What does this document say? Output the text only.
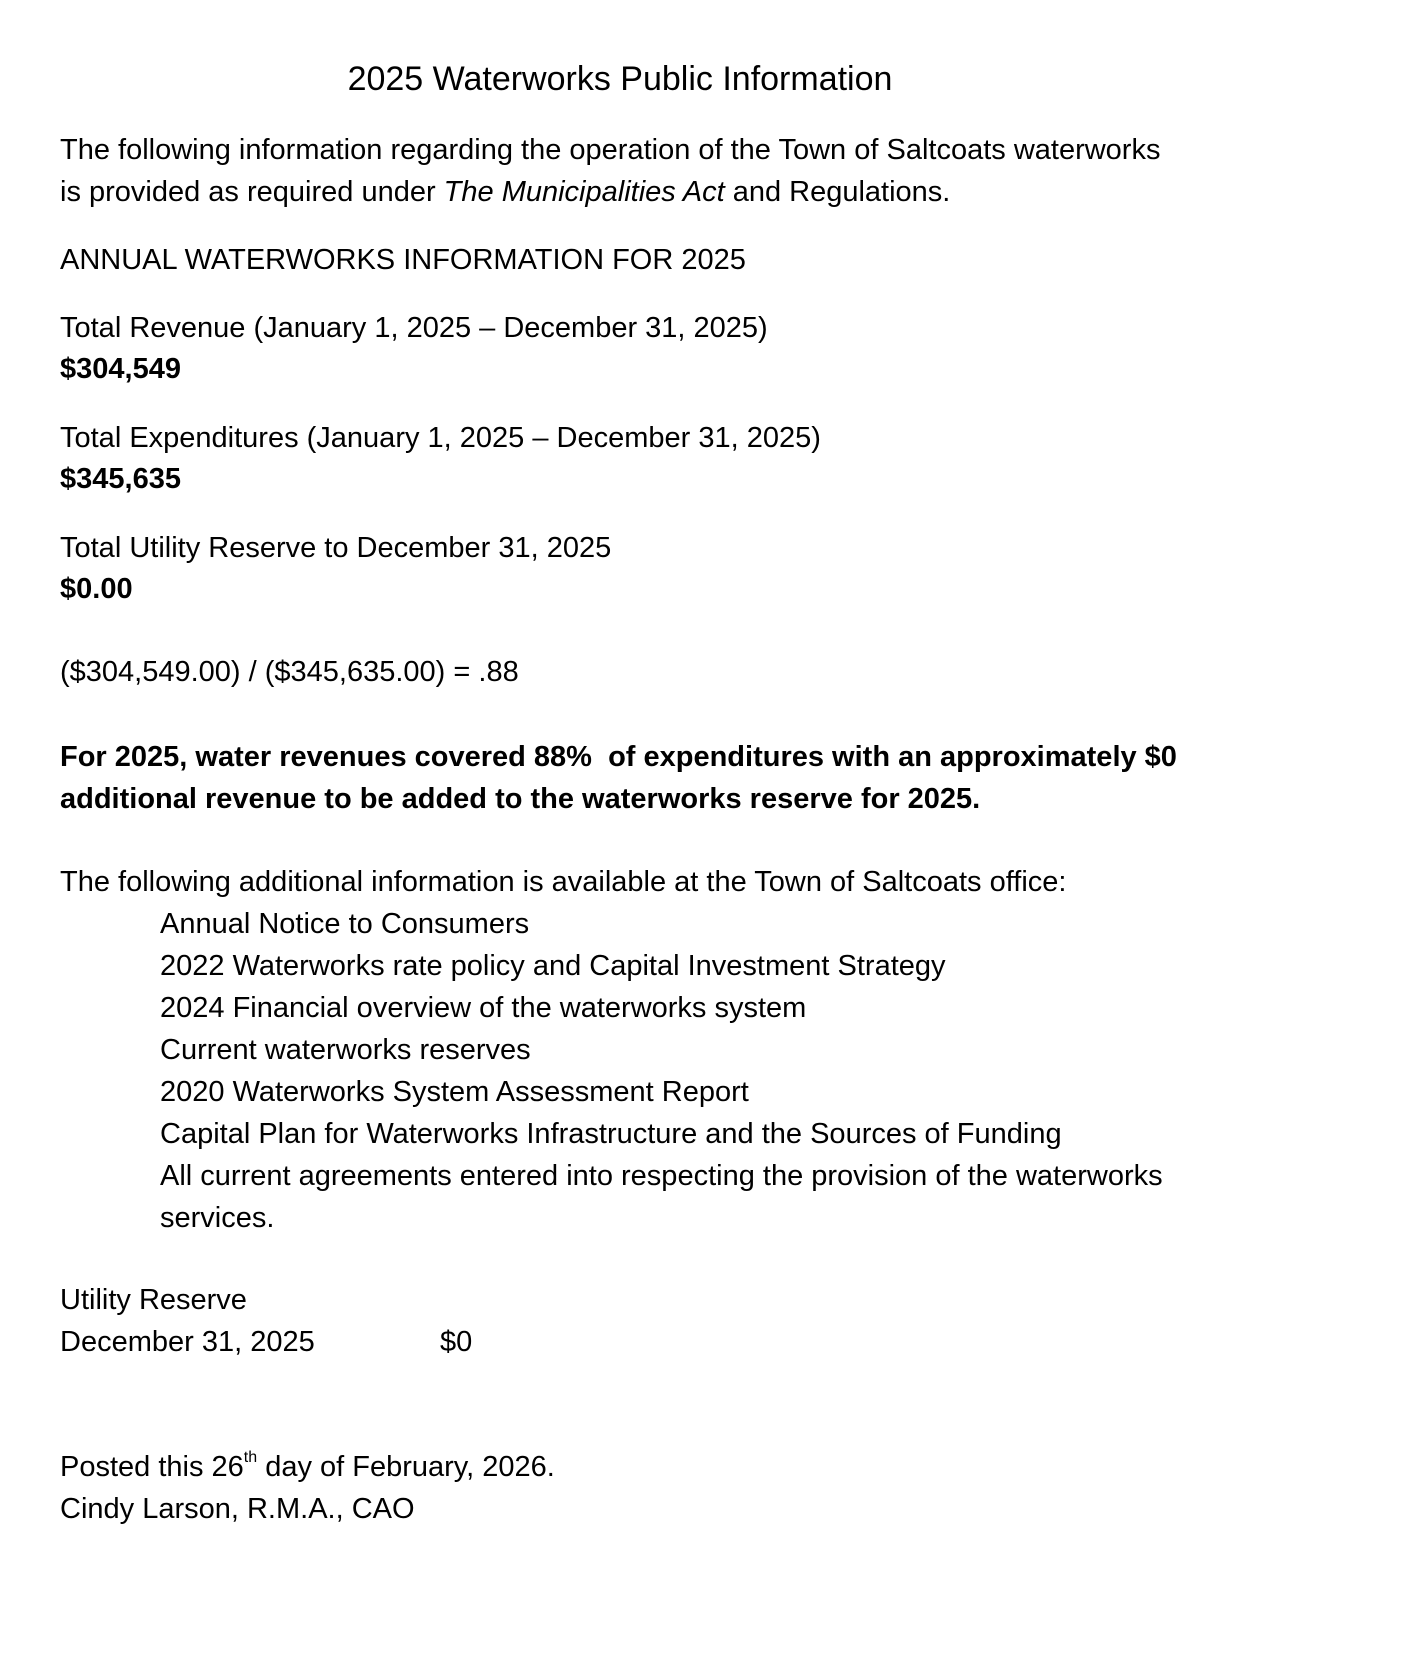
2025 Waterworks Public Information
The following information regarding the operation of the Town of Saltcoats waterworks
is provided as required under The Municipalities Act and Regulations.
ANNUAL WATERWORKS INFORMATION FOR 2025
Total Revenue (January 1, 2025 – December 31, 2025)
$304,549
Total Expenditures (January 1, 2025 – December 31, 2025)
$345,635
Total Utility Reserve to December 31, 2025
$0.00
($304,549.00) / ($345,635.00) = .88
For 2025, water revenues covered 88%  of expenditures with an approximately $0
additional revenue to be added to the waterworks reserve for 2025.
The following additional information is available at the Town of Saltcoats office:
Annual Notice to Consumers
2022 Waterworks rate policy and Capital Investment Strategy
2024 Financial overview of the waterworks system
Current waterworks reserves
2020 Waterworks System Assessment Report
Capital Plan for Waterworks Infrastructure and the Sources of Funding
All current agreements entered into respecting the provision of the waterworks
services.
Utility Reserve
December 31, 2025	$0
Posted this 26th day of February, 2026.
Cindy Larson, R.M.A., CAO
